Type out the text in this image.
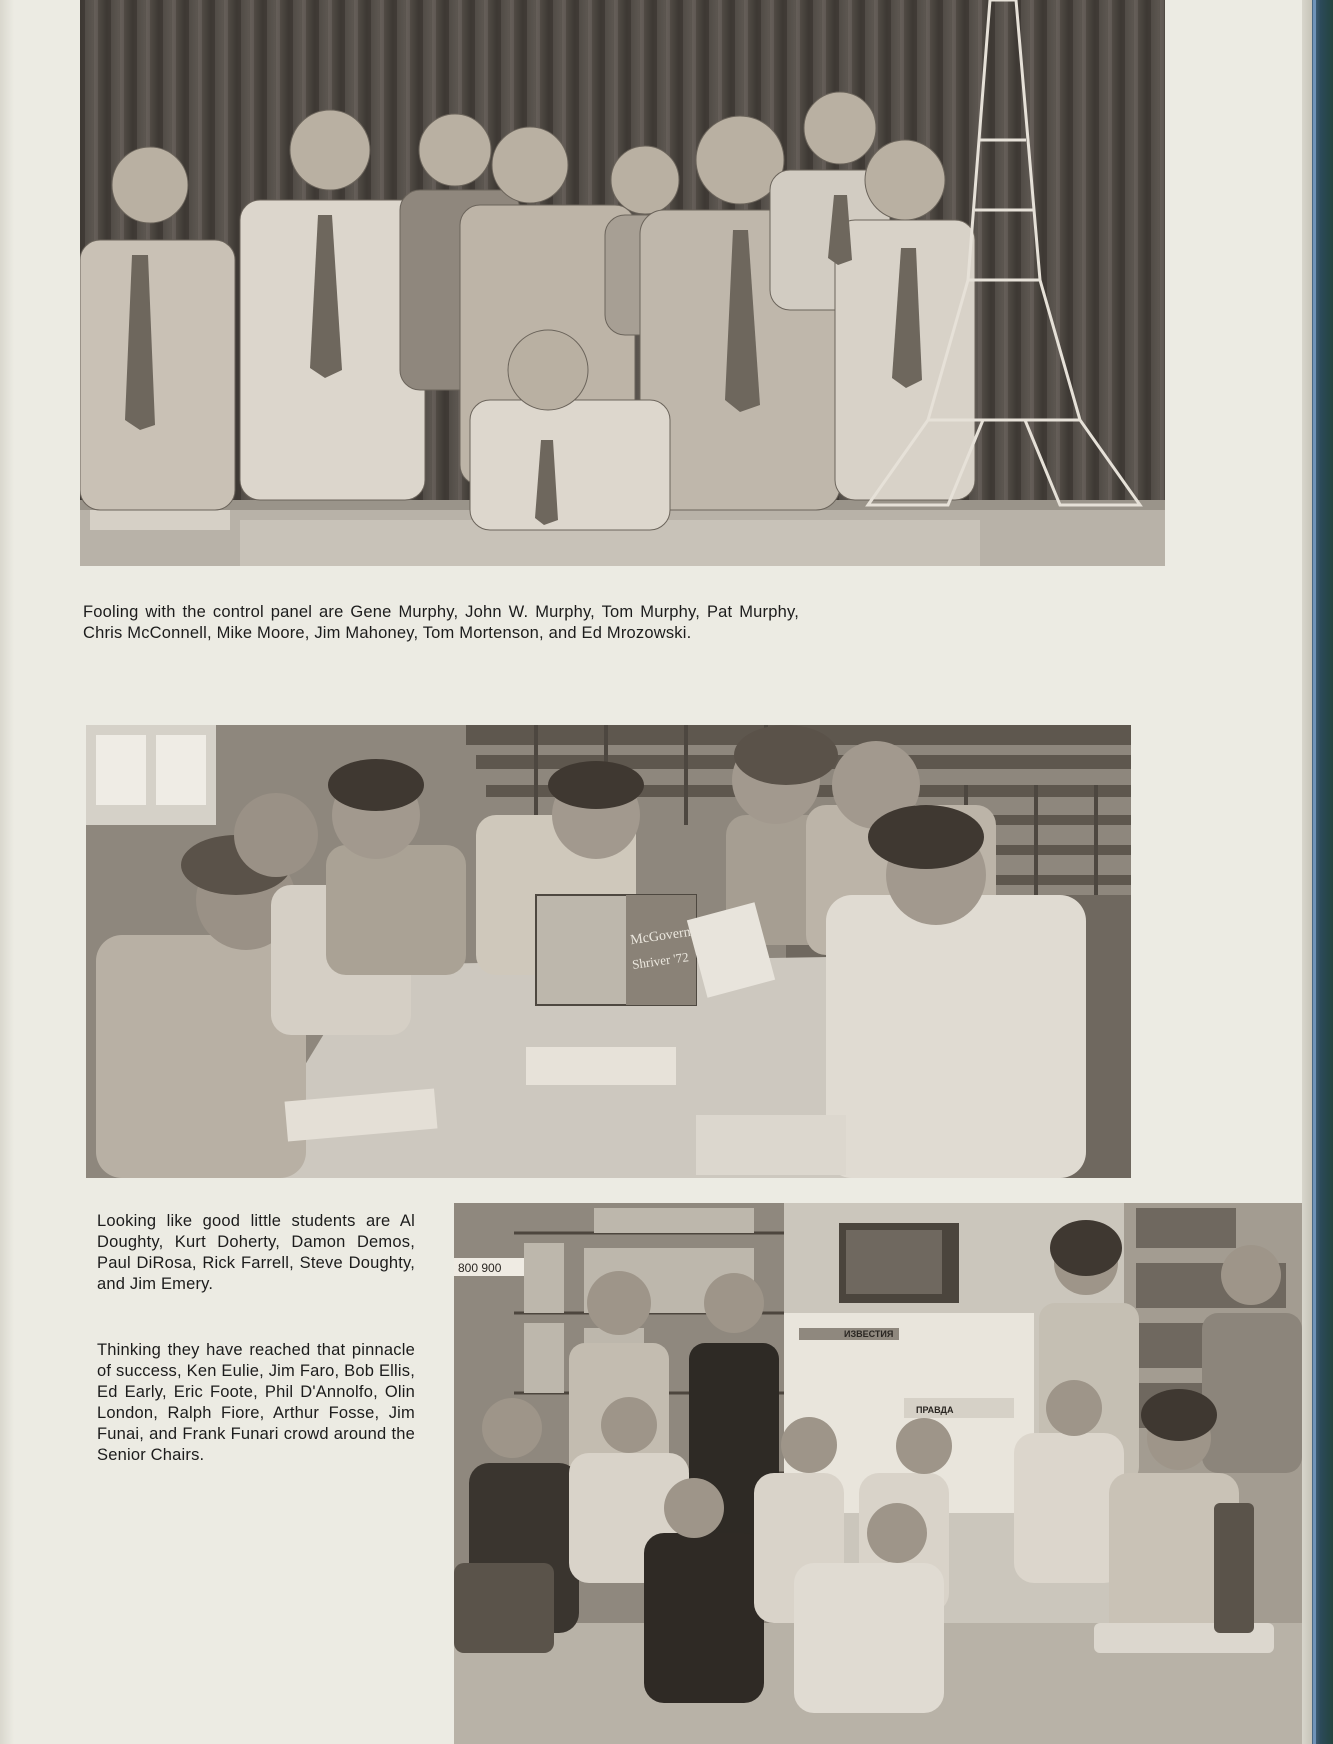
Fooling with the control panel are Gene Murphy, John W. Murphy, Tom Murphy, Pat Murphy, Chris McConnell, Mike Moore, Jim Mahoney, Tom Mortenson, and Ed Mrozowski.

McGovern
Shriver '72

Looking like good little students are Al Doughty, Kurt Doherty, Damon Demos, Paul DiRosa, Rick Farrell, Steve Doughty, and Jim Emery.

Thinking they have reached that pinnacle of success, Ken Eulie, Jim Faro, Bob Ellis, Ed Early, Eric Foote, Phil D'Annolfo, Olin London, Ralph Fiore, Arthur Fosse, Jim Funai, and Frank Funari crowd around the Senior Chairs.

800 900
ИЗВЕСТИЯ
ПРАВДА
